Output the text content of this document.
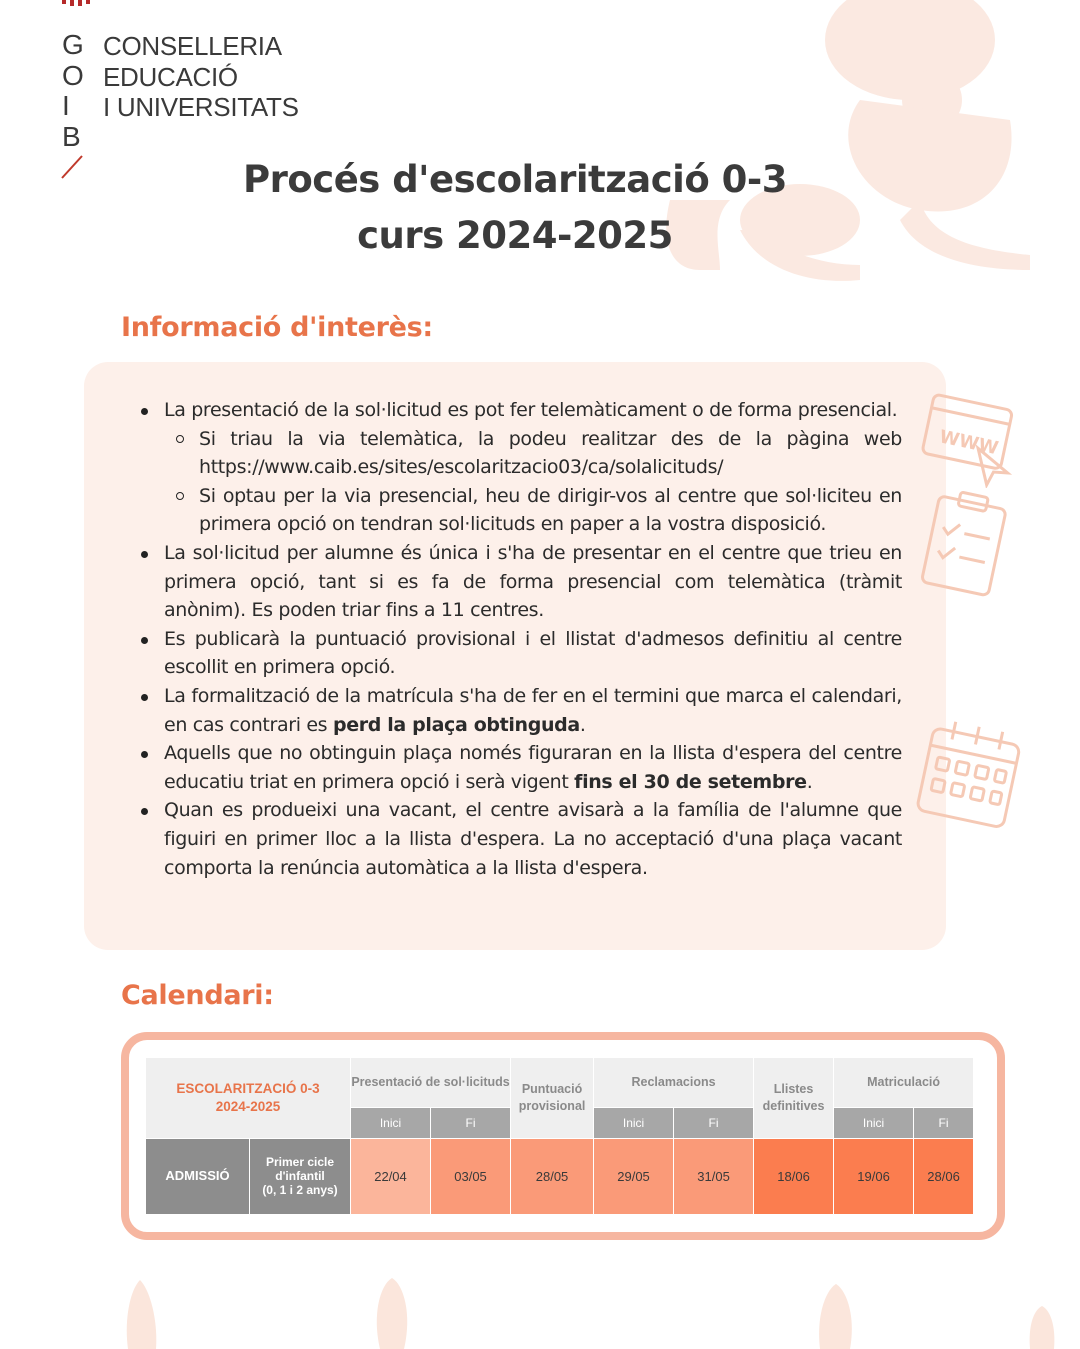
G
O
I
B
CONSELLERIA
EDUCACIÓ
I UNIVERSITATS
Procés d'escolarització 0-3
curs 2024-2025
Informació d'interès:
WWW
La presentació de la sol·licitud es pot fer telemàticament o de forma presencial.
Si triau la via telemàtica, la podeu realitzar des de la pàgina web https://www.caib.es/sites/escolaritzacio03/ca/solalicituds/
Si optau per la via presencial, heu de dirigir-vos al centre que sol·liciteu en primera opció on tendran sol·licituds en paper a la vostra disposició.
La sol·licitud per alumne és única i s'ha de presentar en el centre que trieu en primera opció, tant si es fa de forma presencial com telemàtica (tràmit anònim). Es poden triar fins a 11 centres.
Es publicarà la puntuació provisional i el llistat d'admesos definitiu al centre escollit en primera opció.
La formalització de la matrícula s'ha de fer en el termini que marca el calendari, en cas contrari es perd la plaça obtinguda.
Aquells que no obtinguin plaça només figuraran en la llista d'espera del centre educatiu triat en primera opció i serà vigent fins el 30 de setembre.
Quan es produeixi una vacant, el centre avisarà a la família de l'alumne que figuiri en primer lloc a la llista d'espera. La no acceptació d'una plaça vacant comporta la renúncia automàtica a la llista d'espera.
Calendari:
ESCOLARITZACIÓ 0-3
2024-2025		Presentació de sol·licituds		Puntuació provisional	Reclamacions		Llistes definitives	Matriculació	
		Inici	Fi		Inici	Fi		Inici	Fi
ADMISSIÓ	Primer cicle
d'infantil
(0, 1 i 2 anys)	22/04	03/05	28/05	29/05	31/05	18/06	19/06	28/06
